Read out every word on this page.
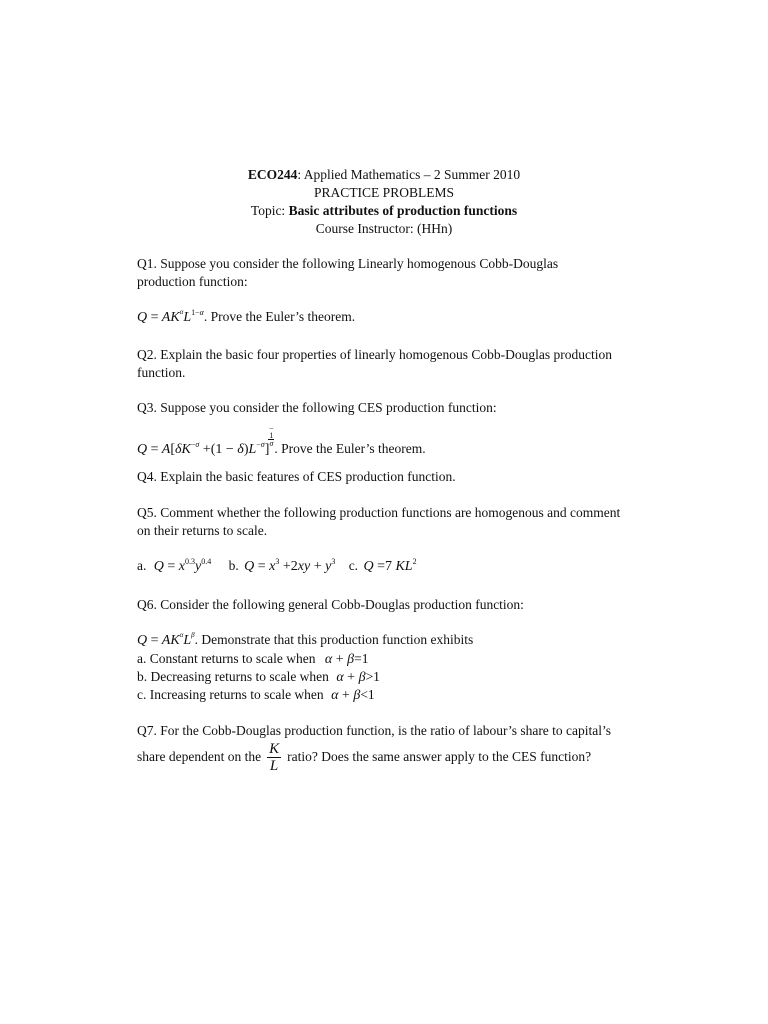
ECO244: Applied Mathematics – 2 Summer 2010
PRACTICE PROBLEMS
Topic: Basic attributes of production functions
Course Instructor: (HHn)
Q1. Suppose you consider the following Linearly homogenous Cobb-Douglas
production function:
$Q = AK^\alpha L^{1-\alpha}$. Prove the Euler’s theorem.
Q2. Explain the basic four properties of linearly homogenous Cobb-Douglas production
function.
Q3. Suppose you consider the following CES production function:
$Q = A[\delta K^{-\sigma} +(1 - \delta)L^{-\sigma}]-$
1
σ . Prove the Euler’s theorem.
Q4. Explain the basic features of CES production function.
Q5. Comment whether the following production functions are homogenous and comment
on their returns to scale.
a. $Q = x^{0.3}y^{0.4}$ b. $Q = x^3 +2xy + y^3$ c. Q =7 $KL^2$
Q6. Consider the following general Cobb-Douglas production function:
$Q = AK^\alpha L^\beta$. Demonstrate that this production function exhibits
a. Constant returns to scale when α + β=1
b. Decreasing returns to scale when α + β>1
c. Increasing returns to scale when α + β<1
Q7. For the Cobb-Douglas production function, is the ratio of labour’s share to capital’s
share dependent on the $\frac{K}{L}$ ratio? Does the same answer apply to the CES function?
